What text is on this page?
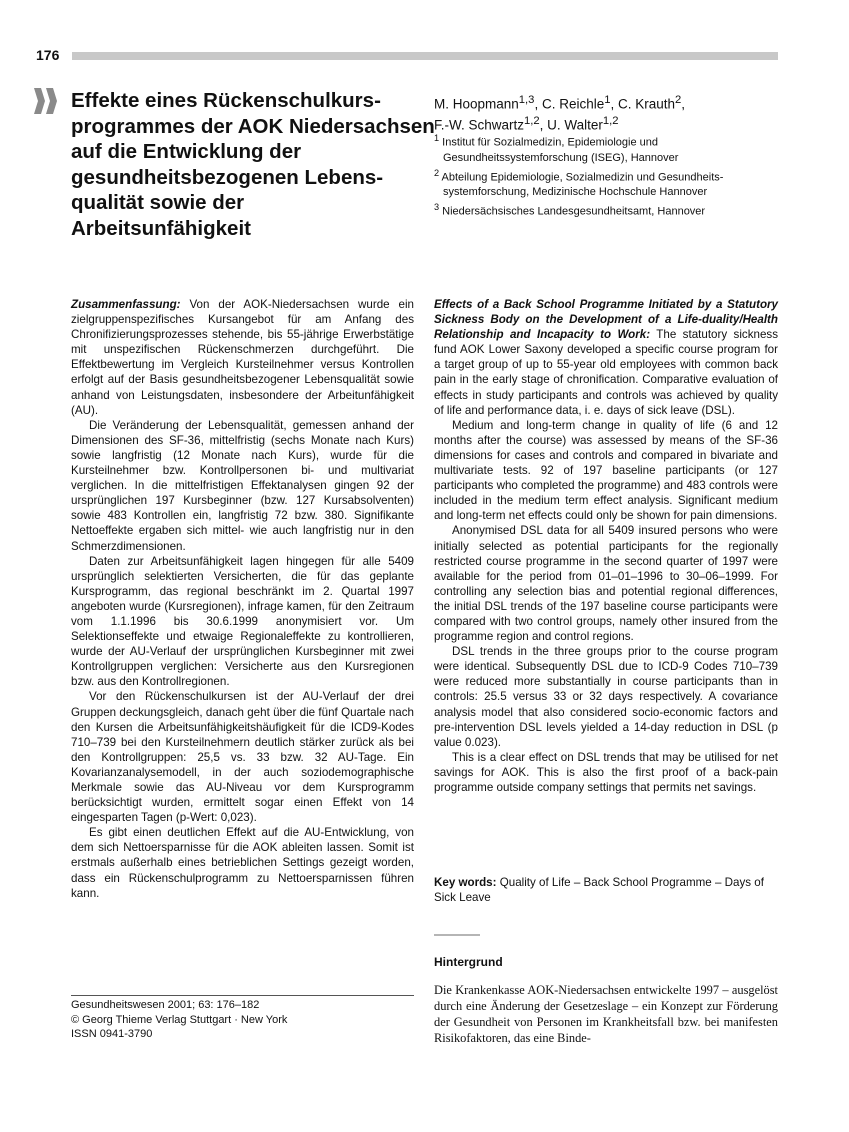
176
Effekte eines Rückenschulkurs-
programmes der AOK Niedersachsen
auf die Entwicklung der
gesundheitsbezogenen Lebens-
qualität sowie der
Arbeitsunfähigkeit
M. Hoopmann$^{1,3}$, C. Reichle$^1$, C. Krauth$^2$,
F.-W. Schwartz$^{1,2}$, U. Walter$^{1,2}$
$^1$ Institut für Sozialmedizin, Epidemiologie und
Gesundheitssystemforschung (ISEG), Hannover
$^2$ Abteilung Epidemiologie, Sozialmedizin und Gesundheits-
systemforschung, Medizinische Hochschule Hannover
$^3$ Niedersächsisches Landesgesundheitsamt, Hannover

Zusammenfassung: Von der AOK-Niedersachsen wurde ein zielgruppenspezifisches Kursangebot für am Anfang des Chronifizierungsprozesses stehende, bis 55-jährige Erwerbstätige mit unspezifischen Rückenschmerzen durchgeführt. Die Effektbewertung im Vergleich Kursteilnehmer versus Kontrollen erfolgt auf der Basis gesundheitsbezogener Lebensqualität sowie anhand von Leistungsdaten, insbesondere der Arbeitunfähigkeit (AU).

Die Veränderung der Lebensqualität, gemessen anhand der Dimensionen des SF-36, mittelfristig (sechs Monate nach Kurs) sowie langfristig (12 Monate nach Kurs), wurde für die Kursteilnehmer bzw. Kontrollpersonen bi- und multivariat verglichen. In die mittelfristigen Effektanalysen gingen 92 der ursprünglichen 197 Kursbeginner (bzw. 127 Kursabsolventen) sowie 483 Kontrollen ein, langfristig 72 bzw. 380. Signifikante Nettoeffekte ergaben sich mittel- wie auch langfristig nur in den Schmerzdimensionen.

Daten zur Arbeitsunfähigkeit lagen hingegen für alle 5409 ursprünglich selektierten Versicherten, die für das geplante Kursprogramm, das regional beschränkt im 2. Quartal 1997 angeboten wurde (Kursregionen), infrage kamen, für den Zeitraum vom 1.1.1996 bis 30.6.1999 anonymisiert vor. Um Selektionseffekte und etwaige Regionaleffekte zu kontrollieren, wurde der AU-Verlauf der ursprünglichen Kursbeginner mit zwei Kontrollgruppen verglichen: Versicherte aus den Kursregionen bzw. aus den Kontrollregionen.

Vor den Rückenschulkursen ist der AU-Verlauf der drei Gruppen deckungsgleich, danach geht über die fünf Quartale nach den Kursen die Arbeitsunfähigkeitshäufigkeit für die ICD9-Kodes 710–739 bei den Kursteilnehmern deutlich stärker zurück als bei den Kontrollgruppen: 25,5 vs. 33 bzw. 32 AU-Tage. Ein Kovarianzanalysemodell, in der auch soziodemographische Merkmale sowie das AU-Niveau vor dem Kursprogramm berücksichtigt wurden, ermittelt sogar einen Effekt von 14 eingesparten Tagen (p-Wert: 0,023).

Es gibt einen deutlichen Effekt auf die AU-Entwicklung, von dem sich Nettoersparnisse für die AOK ableiten lassen. Somit ist erstmals außerhalb eines betrieblichen Settings gezeigt worden, dass ein Rückenschulprogramm zu Nettoersparnissen führen kann.

Effects of a Back School Programme Initiated by a Statutory Sickness Body on the Development of a Life-duality/Health Relationship and Incapacity to Work: The statutory sickness fund AOK Lower Saxony developed a specific course program for a target group of up to 55-year old employees with common back pain in the early stage of chronification. Comparative evaluation of effects in study participants and controls was achieved by quality of life and performance data, i. e. days of sick leave (DSL).

Medium and long-term change in quality of life (6 and 12 months after the course) was assessed by means of the SF-36 dimensions for cases and controls and compared in bivariate and multivariate tests. 92 of 197 baseline participants (or 127 participants who completed the programme) and 483 controls were included in the medium term effect analysis. Significant medium and long-term net effects could only be shown for pain dimensions.

Anonymised DSL data for all 5409 insured persons who were initially selected as potential participants for the regionally restricted course programme in the second quarter of 1997 were available for the period from 01–01–1996 to 30–06–1999. For controlling any selection bias and potential regional differences, the initial DSL trends of the 197 baseline course participants were compared with two control groups, namely other insured from the programme region and control regions.

DSL trends in the three groups prior to the course program were identical. Subsequently DSL due to ICD-9 Codes 710–739 were reduced more substantially in course participants than in controls: 25.5 versus 33 or 32 days respectively. A covariance analysis model that also considered socio-economic factors and pre-intervention DSL levels yielded a 14-day reduction in DSL (p value 0.023).

This is a clear effect on DSL trends that may be utilised for net savings for AOK. This is also the first proof of a back-pain programme outside company settings that permits net savings.

Key words: Quality of Life – Back School Programme – Days of Sick Leave
Hintergrund
Die Krankenkasse AOK-Niedersachsen entwickelte 1997 – ausgelöst durch eine Änderung der Gesetzeslage – ein Konzept zur Förderung der Gesundheit von Personen im Krankheitsfall bzw. bei manifesten Risikofaktoren, das eine Binde-
Gesundheitswesen 2001; 63: 176–182
© Georg Thieme Verlag Stuttgart · New York
ISSN 0941-3790
